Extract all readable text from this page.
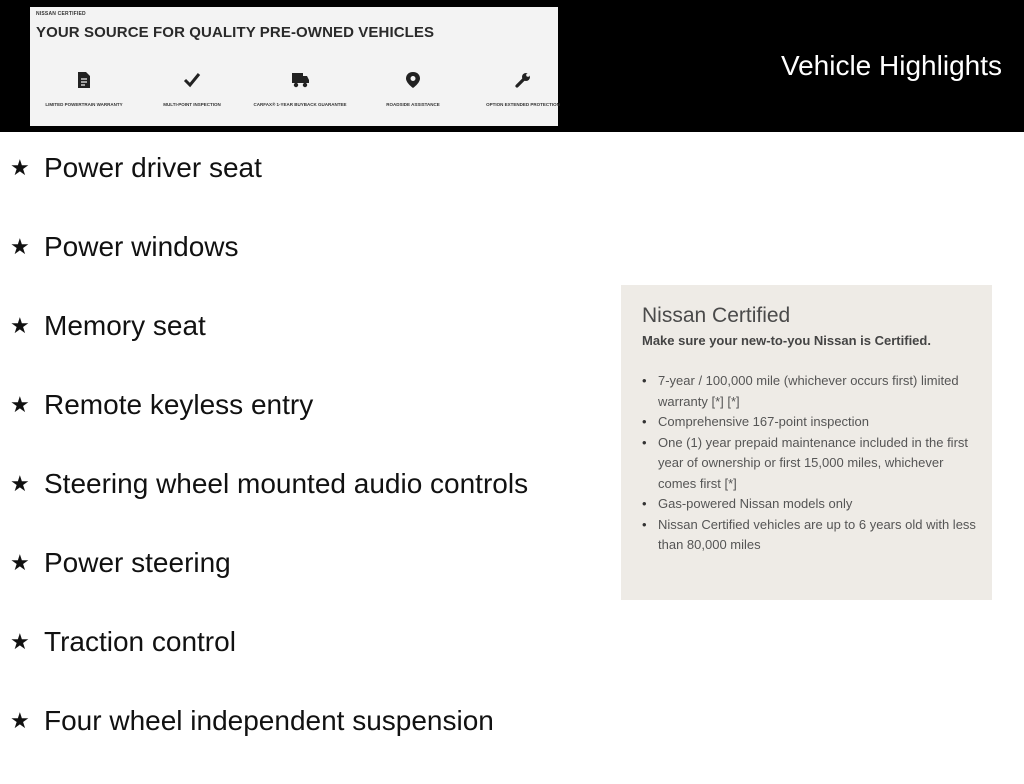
NISSAN CERTIFIED
YOUR SOURCE FOR QUALITY PRE-OWNED VEHICLES
LIMITED POWERTRAIN WARRANTY	MULTI-POINT INSPECTION	CARFAX® 1-YEAR BUYBACK GUARANTEE	ROADSIDE ASSISTANCE	OPTION EXTENDED PROTECTION
Vehicle Highlights
★ Power driver seat
★ Power windows
★ Memory seat
★ Remote keyless entry
★ Steering wheel mounted audio controls
★ Power steering
★ Traction control
★ Four wheel independent suspension
Nissan Certified
Make sure your new-to-you Nissan is Certified.
• 7-year / 100,000 mile (whichever occurs first) limited warranty [*] [*]
• Comprehensive 167-point inspection
• One (1) year prepaid maintenance included in the first year of ownership or first 15,000 miles, whichever comes first [*]
• Gas-powered Nissan models only
• Nissan Certified vehicles are up to 6 years old with less than 80,000 miles
